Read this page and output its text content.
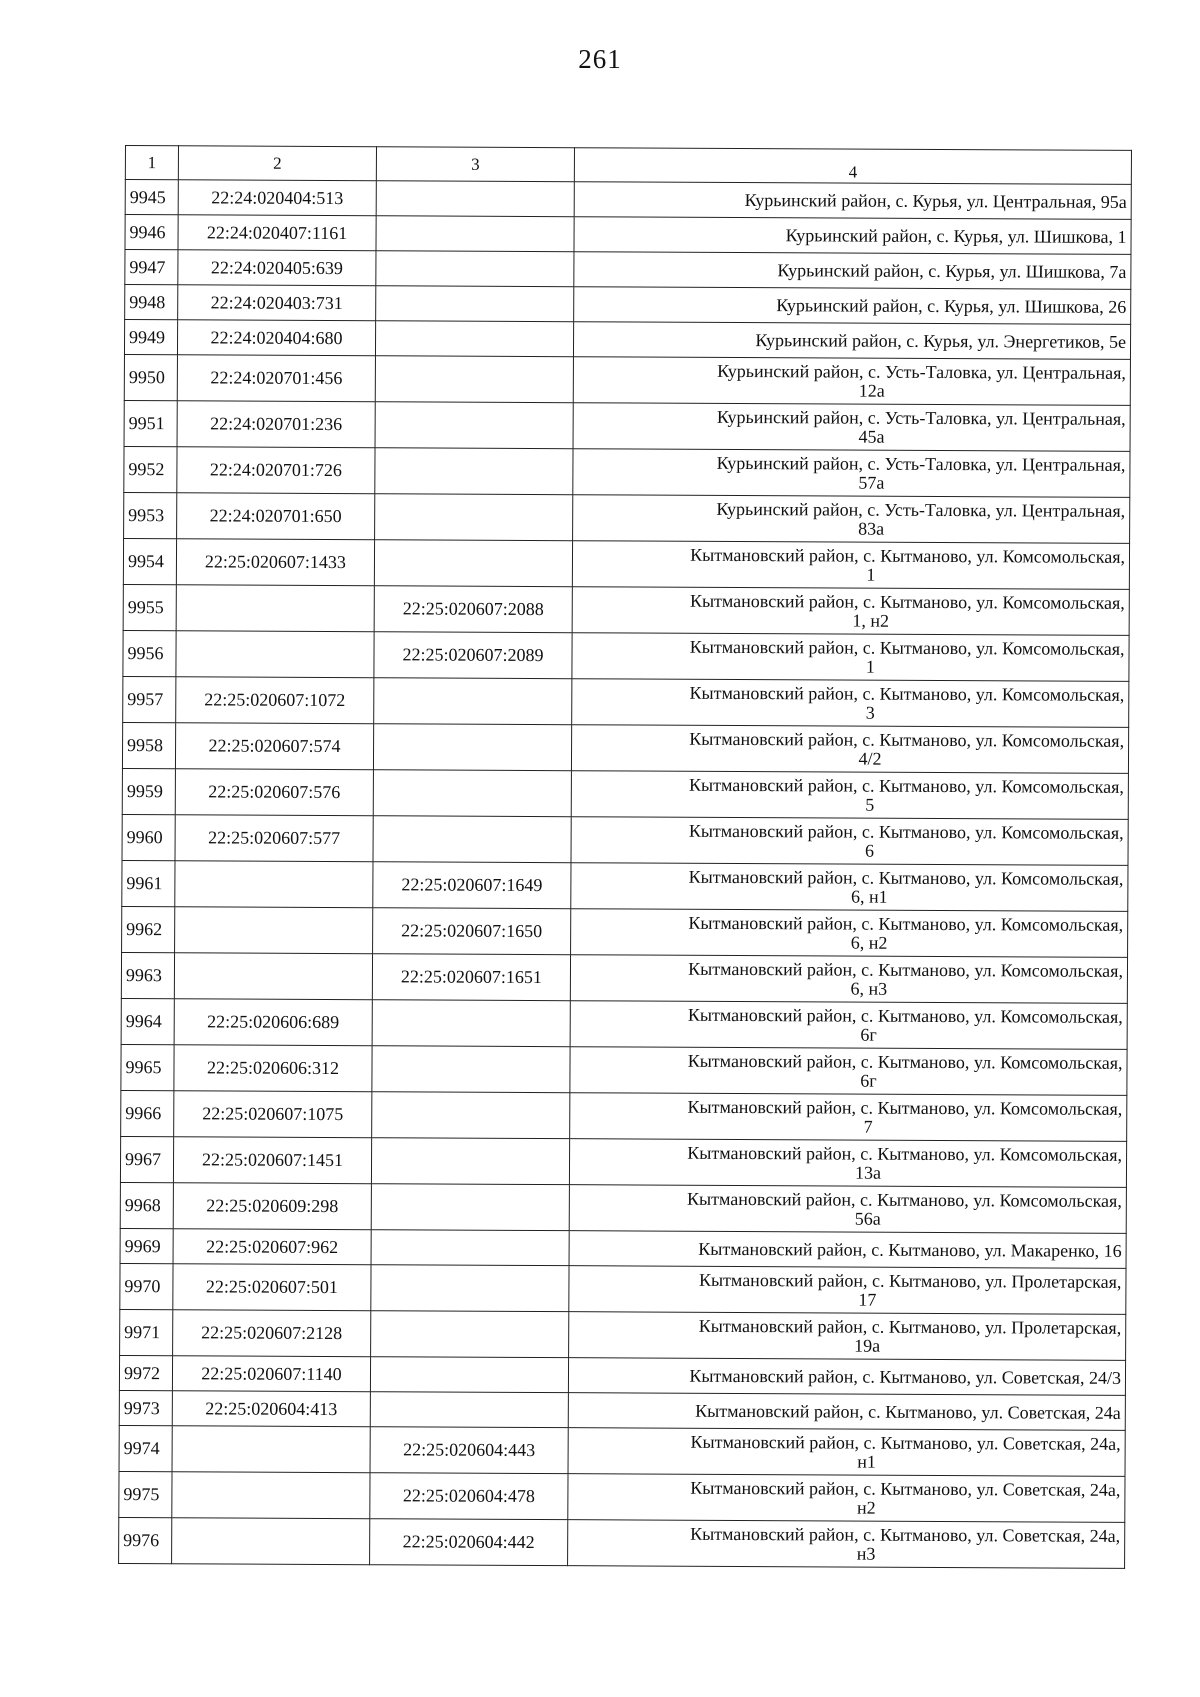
261
1	2	3	4
9945	22:24:020404:513		Курьинский район, с. Курья, ул. Центральная, 95а

9946	22:24:020407:1161		Курьинский район, с. Курья, ул. Шишкова, 1

9947	22:24:020405:639		Курьинский район, с. Курья, ул. Шишкова, 7а

9948	22:24:020403:731		Курьинский район, с. Курья, ул. Шишкова, 26

9949	22:24:020404:680		Курьинский район, с. Курья, ул. Энергетиков, 5е

9950	22:24:020701:456		Курьинский район, с. Усть-Таловка, ул. Центральная,
12а

9951	22:24:020701:236		Курьинский район, с. Усть-Таловка, ул. Центральная,
45а

9952	22:24:020701:726		Курьинский район, с. Усть-Таловка, ул. Центральная,
57а

9953	22:24:020701:650		Курьинский район, с. Усть-Таловка, ул. Центральная,
83а

9954	22:25:020607:1433		Кытмановский район, с. Кытманово, ул. Комсомольская,
1

9955		22:25:020607:2088	Кытмановский район, с. Кытманово, ул. Комсомольская,
1, н2

9956		22:25:020607:2089	Кытмановский район, с. Кытманово, ул. Комсомольская,
1

9957	22:25:020607:1072		Кытмановский район, с. Кытманово, ул. Комсомольская,
3

9958	22:25:020607:574		Кытмановский район, с. Кытманово, ул. Комсомольская,
4/2

9959	22:25:020607:576		Кытмановский район, с. Кытманово, ул. Комсомольская,
5

9960	22:25:020607:577		Кытмановский район, с. Кытманово, ул. Комсомольская,
6

9961		22:25:020607:1649	Кытмановский район, с. Кытманово, ул. Комсомольская,
6, н1

9962		22:25:020607:1650	Кытмановский район, с. Кытманово, ул. Комсомольская,
6, н2

9963		22:25:020607:1651	Кытмановский район, с. Кытманово, ул. Комсомольская,
6, н3

9964	22:25:020606:689		Кытмановский район, с. Кытманово, ул. Комсомольская,
6г

9965	22:25:020606:312		Кытмановский район, с. Кытманово, ул. Комсомольская,
6г

9966	22:25:020607:1075		Кытмановский район, с. Кытманово, ул. Комсомольская,
7

9967	22:25:020607:1451		Кытмановский район, с. Кытманово, ул. Комсомольская,
13а

9968	22:25:020609:298		Кытмановский район, с. Кытманово, ул. Комсомольская,
56а

9969	22:25:020607:962		Кытмановский район, с. Кытманово, ул. Макаренко, 16

9970	22:25:020607:501		Кытмановский район, с. Кытманово, ул. Пролетарская,
17

9971	22:25:020607:2128		Кытмановский район, с. Кытманово, ул. Пролетарская,
19а

9972	22:25:020607:1140		Кытмановский район, с. Кытманово, ул. Советская, 24/3

9973	22:25:020604:413		Кытмановский район, с. Кытманово, ул. Советская, 24а

9974		22:25:020604:443	Кытмановский район, с. Кытманово, ул. Советская, 24а,
н1

9975		22:25:020604:478	Кытмановский район, с. Кытманово, ул. Советская, 24а,
н2

9976		22:25:020604:442	Кытмановский район, с. Кытманово, ул. Советская, 24а,
н3
